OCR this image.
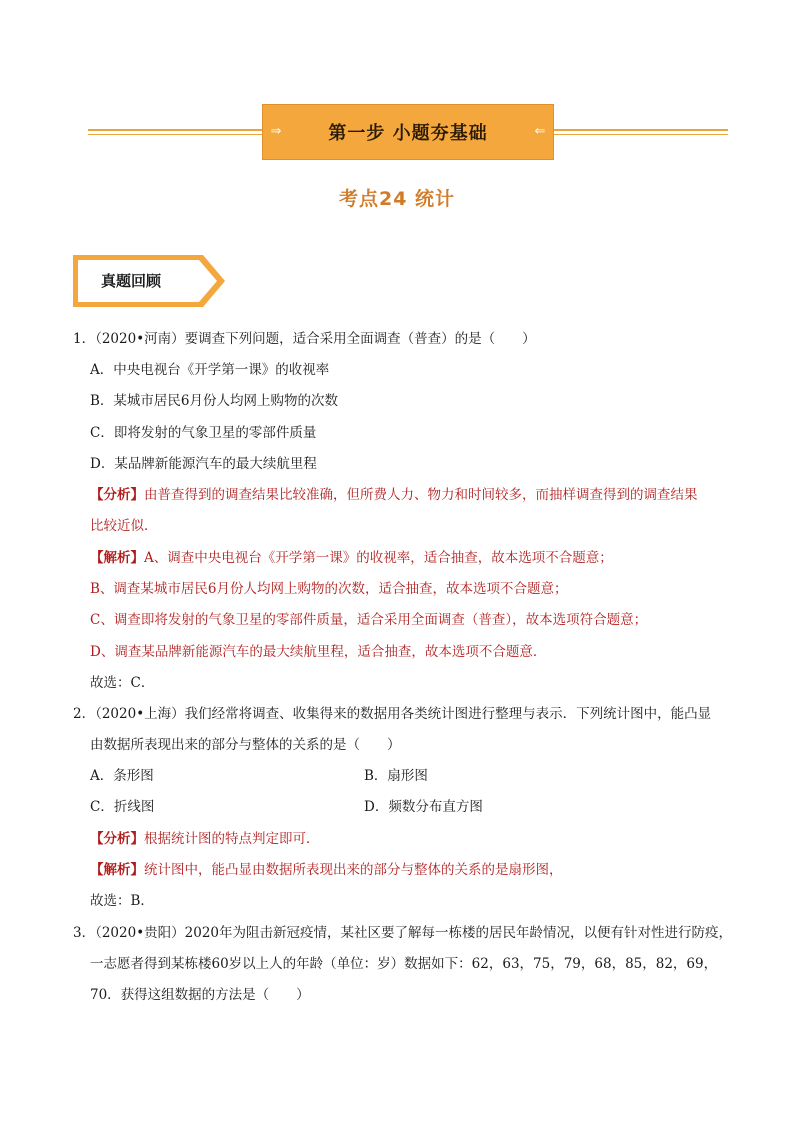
⇒	第一步 小题夯基础	⇐
考点24 统计
真题回顾
1．（2020•河南）要调查下列问题，适合采用全面调查（普查）的是（　　）
A．中央电视台《开学第一课》的收视率
B．某城市居民6月份人均网上购物的次数
C．即将发射的气象卫星的零部件质量
D．某品牌新能源汽车的最大续航里程
【分析】由普查得到的调查结果比较准确，但所费人力、物力和时间较多，而抽样调查得到的调查结果
比较近似．
【解析】A、调查中央电视台《开学第一课》的收视率，适合抽查，故本选项不合题意；
B、调查某城市居民6月份人均网上购物的次数，适合抽查，故本选项不合题意；
C、调查即将发射的气象卫星的零部件质量，适合采用全面调查（普查），故本选项符合题意；
D、调查某品牌新能源汽车的最大续航里程，适合抽查，故本选项不合题意．
故选：C．
2．（2020•上海）我们经常将调查、收集得来的数据用各类统计图进行整理与表示．下列统计图中，能凸显
由数据所表现出来的部分与整体的关系的是（　　）
A．条形图	B．扇形图
C．折线图	D．频数分布直方图
【分析】根据统计图的特点判定即可．
【解析】统计图中，能凸显由数据所表现出来的部分与整体的关系的是扇形图，
故选：B．
3．（2020•贵阳）2020年为阻击新冠疫情，某社区要了解每一栋楼的居民年龄情况，以便有针对性进行防疫，
一志愿者得到某栋楼60岁以上人的年龄（单位：岁）数据如下：62，63，75，79，68，85，82，69，
70．获得这组数据的方法是（　　）
